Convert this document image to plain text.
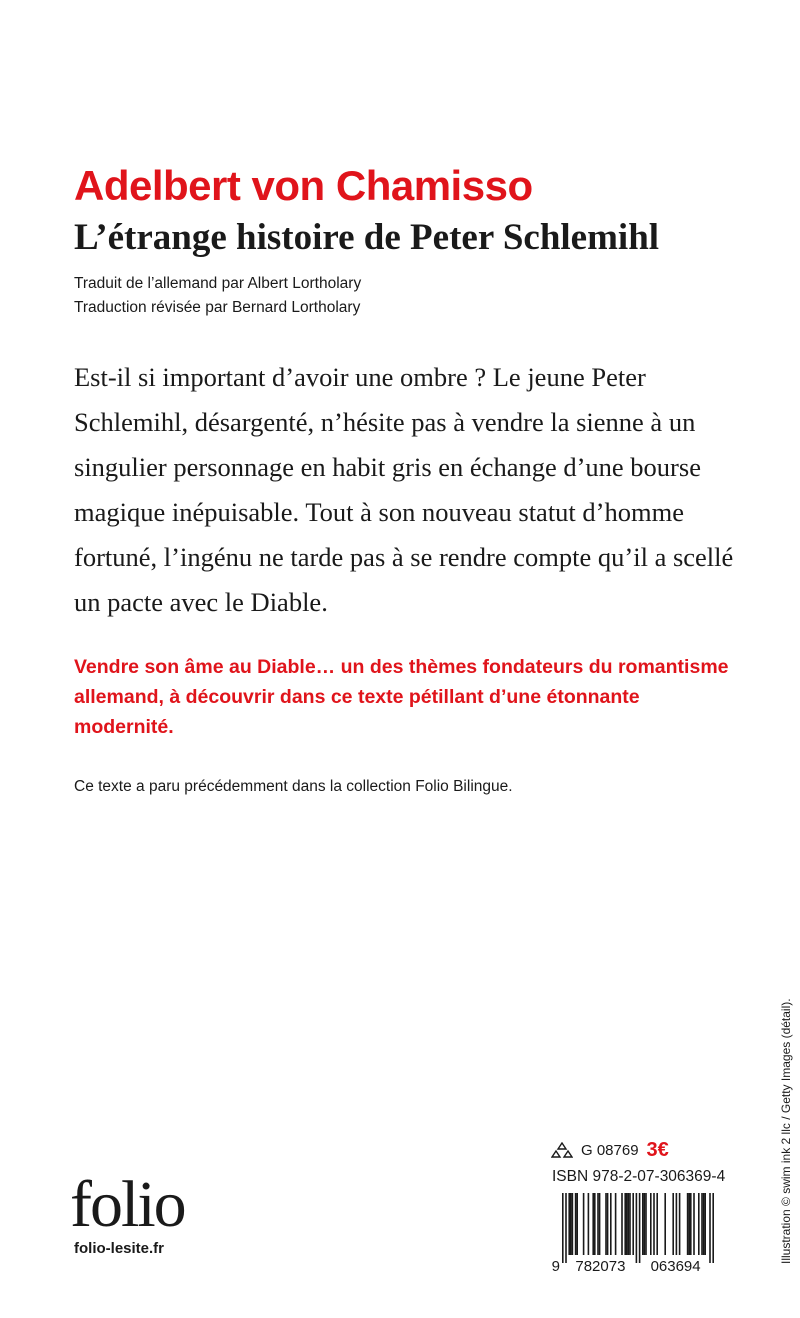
Adelbert von Chamisso
L’étrange histoire de Peter Schlemihl
Traduit de l’allemand par Albert Lortholary
Traduction révisée par Bernard Lortholary

Est-il si important d’avoir une ombre ? Le jeune Peter Schlemihl, désargenté, n’hésite pas à vendre la sienne à un singulier personnage en habit gris en échange d’une bourse magique inépuisable. Tout à son nouveau statut d’homme fortuné, l’ingénu ne tarde pas à se rendre compte qu’il a scellé un pacte avec le Diable.

Vendre son âme au Diable… un des thèmes fondateurs du romantisme allemand, à découvrir dans ce texte pétillant d’une étonnante modernité.

Ce texte a paru précédemment dans la collection Folio Bilingue.

Illustration © swim ink 2 llc / Getty Images (détail).
folio
folio-lesite.fr
G 08769 3€
ISBN 978-2-07-306369-4
9 782073 063694
